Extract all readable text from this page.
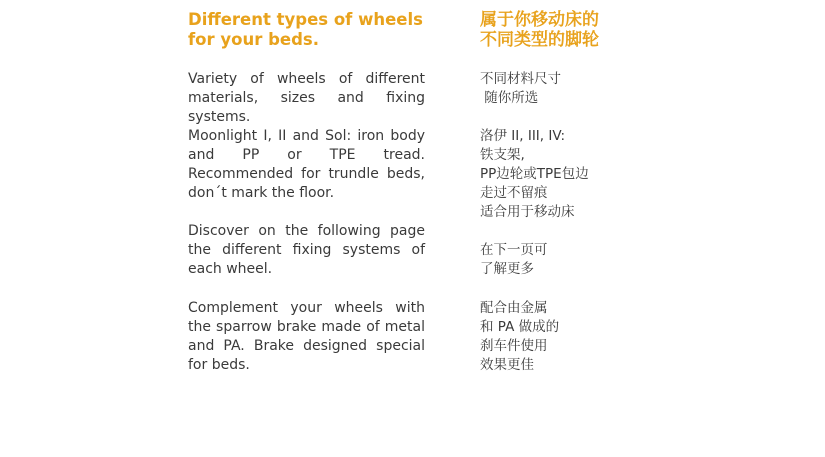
Different types of wheels
for your beds.

Variety of wheels of different materials, sizes and fixing systems.

Moonlight I, II and Sol: iron body and PP or TPE tread. Recommended for trundle beds, don´t mark the floor.

Discover on the following page the different fixing systems of each wheel.

Complement your wheels with the sparrow brake made of metal and PA. Brake designed special for beds.

属于你移动床的
不同类型的脚轮

不同材料尺寸
随你所选

洛伊 II, III, IV:
铁支架,
PP边轮或TPE包边
走过不留痕
适合用于移动床

在下一页可
了解更多

配合由金属
和 PA 做成的
刹车件使用
效果更佳
